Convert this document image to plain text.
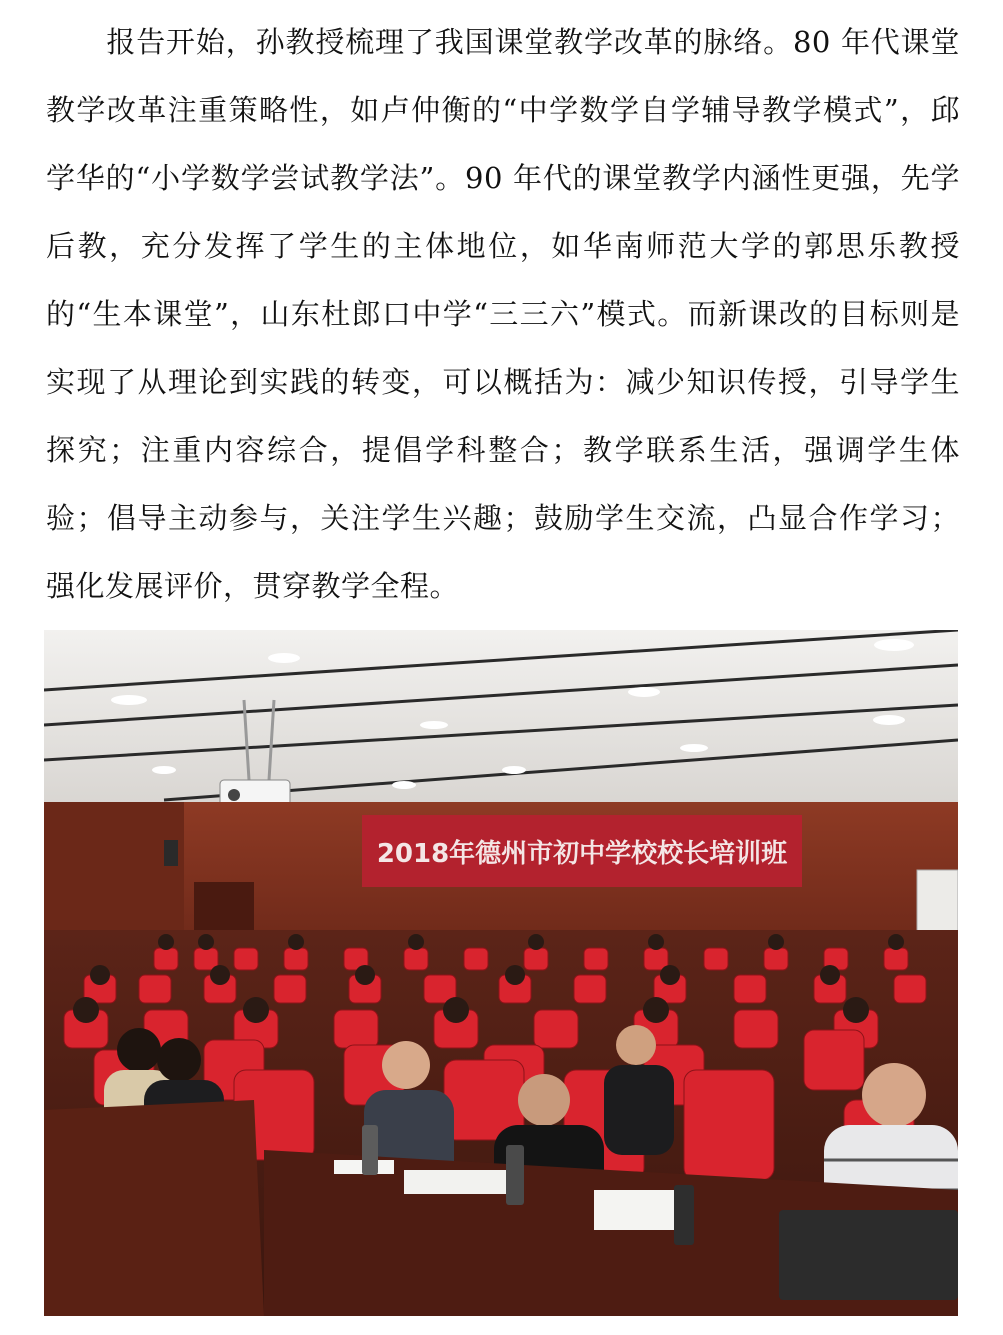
报告开始，孙教授梳理了我国课堂教学改革的脉络。80 年代课堂教学改革注重策略性，如卢仲衡的“中学数学自学辅导教学模式”，邱学华的“小学数学尝试教学法”。90 年代的课堂教学内涵性更强，先学后教，充分发挥了学生的主体地位，如华南师范大学的郭思乐教授的“生本课堂”，山东杜郎口中学“三三六”模式。而新课改的目标则是实现了从理论到实践的转变，可以概括为：减少知识传授，引导学生探究；注重内容综合，提倡学科整合；教学联系生活，强调学生体验；倡导主动参与，关注学生兴趣；鼓励学生交流，凸显合作学习；强化发展评价，贯穿教学全程。

2018年德州市初中学校校长培训班
